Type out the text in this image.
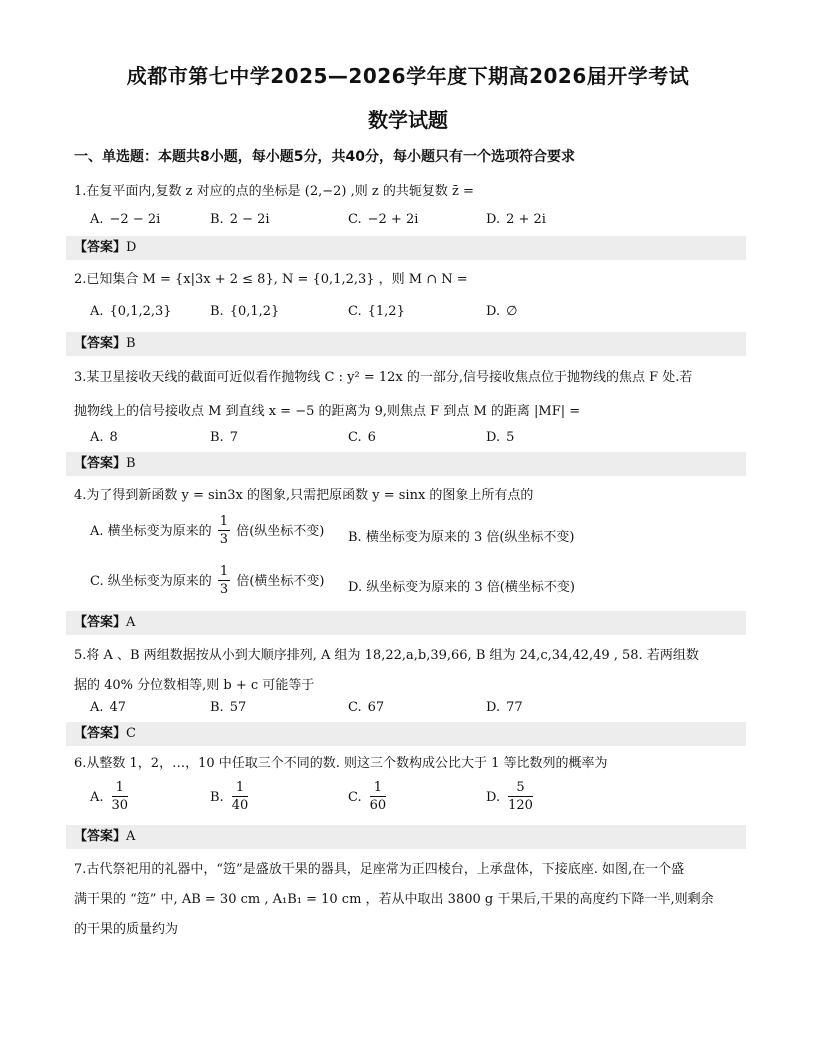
成都市第七中学2025—2026学年度下期高2026届开学考试
数学试题
一、单选题：本题共8小题，每小题5分，共40分，每小题只有一个选项符合要求
1.在复平面内,复数 z 对应的点的坐标是 (2,−2) ,则 z 的共轭复数 z̄ =
A. −2 − 2i	B. 2 − 2i	C. −2 + 2i	D. 2 + 2i
【答案】D
2.已知集合 M = {x|3x + 2 ≤ 8}, N = {0,1,2,3} ，则 M ∩ N =
A. {0,1,2,3}	B. {0,1,2}	C. {1,2}	D. ∅
【答案】B
3.某卫星接收天线的截面可近似看作抛物线 C : y² = 12x 的一部分,信号接收焦点位于抛物线的焦点 F 处.若
抛物线上的信号接收点 M 到直线 x = −5 的距离为 9,则焦点 F 到点 M 的距离 |MF| =
A. 8	B. 7	C. 6	D. 5
【答案】B
4.为了得到新函数 y = sin3x 的图象,只需把原函数 y = sinx 的图象上所有点的
A. 横坐标变为原来的 $\frac{1}{3}$ 倍(纵坐标不变) B. 横坐标变为原来的 3 倍(纵坐标不变)
C. 纵坐标变为原来的 $\frac{1}{3}$ 倍(横坐标不变) D. 纵坐标变为原来的 3 倍(横坐标不变)
【答案】A
5.将 A 、B 两组数据按从小到大顺序排列, A 组为 18,22,a,b,39,66, B 组为 24,c,34,42,49 , 58. 若两组数
据的 40% 分位数相等,则 b + c 可能等于
A. 47	B. 57	C. 67	D. 77
【答案】C
6.从整数 1，2，…，10 中任取三个不同的数. 则这三个数构成公比大于 1 等比数列的概率为
A. $\frac{1}{30}$	B. $\frac{1}{40}$	C. $\frac{1}{60}$	D. $\frac{5}{120}$
【答案】A
7.古代祭祀用的礼器中，“笾”是盛放干果的器具，足座常为正四棱台，上承盘体，下接底座. 如图,在一个盛
满干果的 “笾” 中, AB = 30 cm , A₁B₁ = 10 cm ，若从中取出 3800 g 干果后,干果的高度约下降一半,则剩余
的干果的质量约为
